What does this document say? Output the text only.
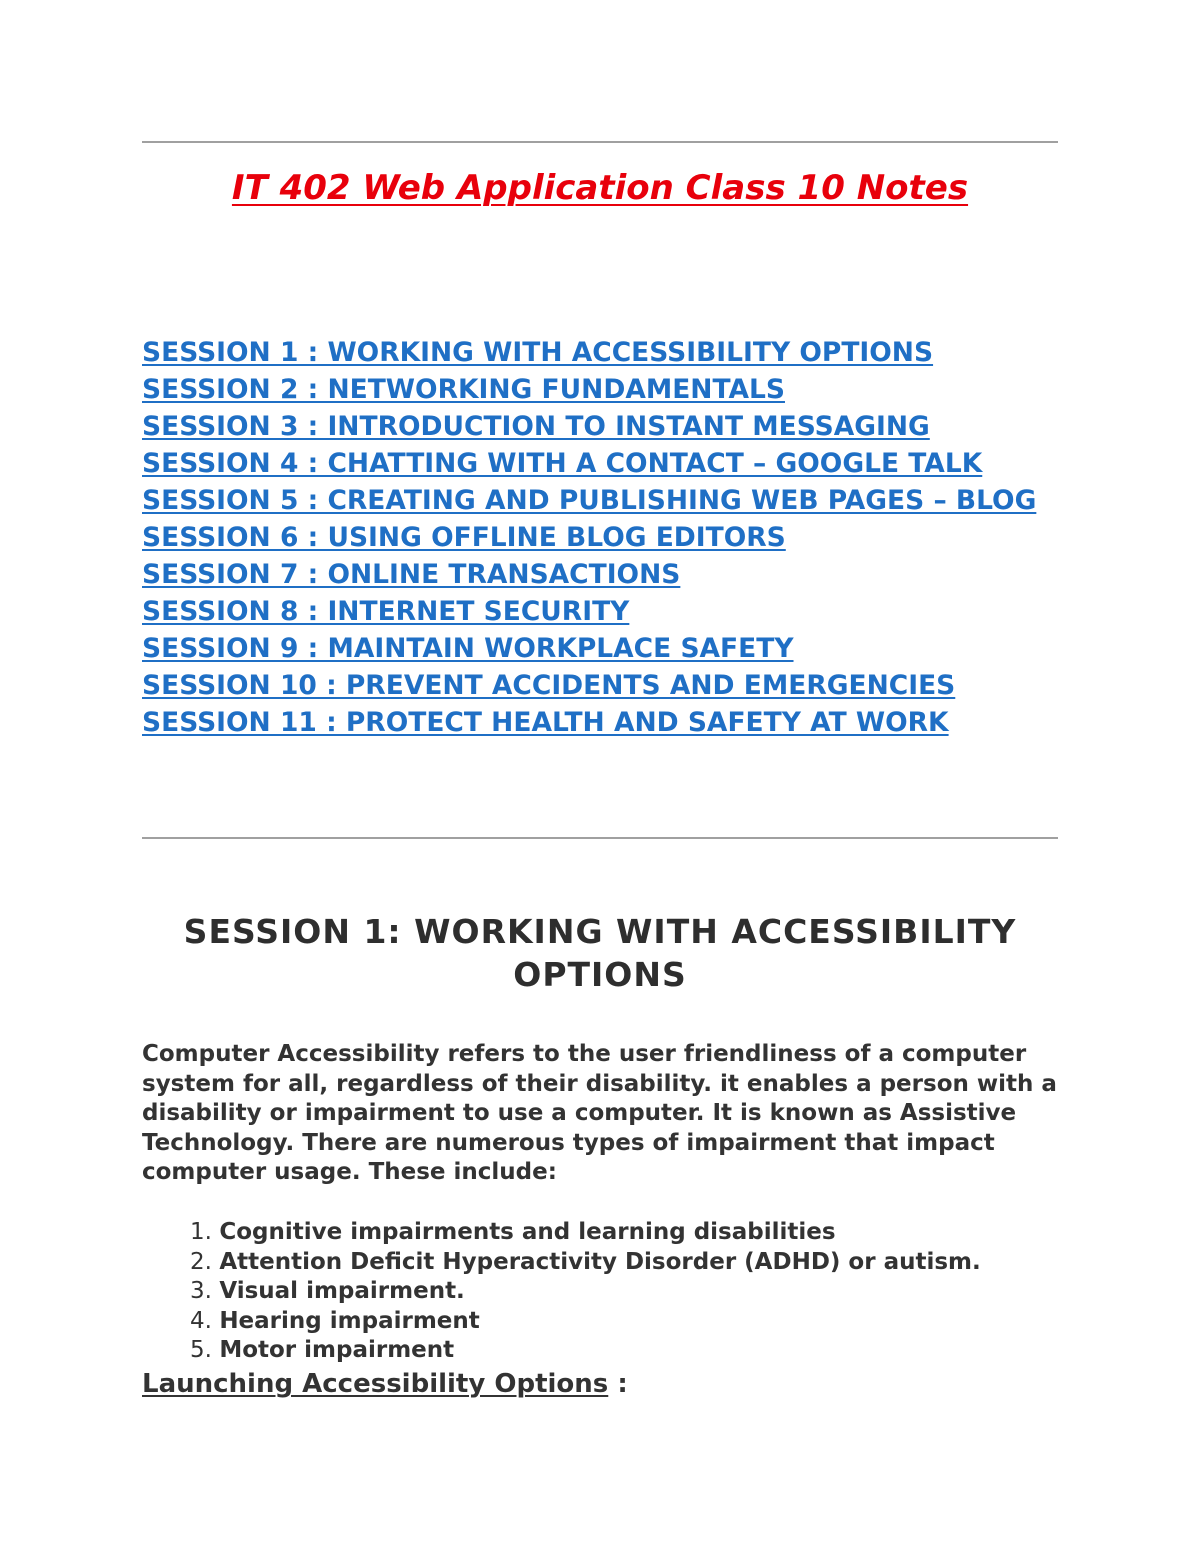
IT 402 Web Application Class 10 Notes
SESSION 1 : WORKING WITH ACCESSIBILITY OPTIONS
SESSION 2 : NETWORKING FUNDAMENTALS
SESSION 3 : INTRODUCTION TO INSTANT MESSAGING
SESSION 4 : CHATTING WITH A CONTACT – GOOGLE TALK
SESSION 5 : CREATING AND PUBLISHING WEB PAGES – BLOG
SESSION 6 : USING OFFLINE BLOG EDITORS
SESSION 7 : ONLINE TRANSACTIONS
SESSION 8 : INTERNET SECURITY
SESSION 9 : MAINTAIN WORKPLACE SAFETY
SESSION 10 : PREVENT ACCIDENTS AND EMERGENCIES
SESSION 11 : PROTECT HEALTH AND SAFETY AT WORK
SESSION 1: WORKING WITH ACCESSIBILITY
OPTIONS

Computer Accessibility refers to the user friendliness of a computer system for all, regardless of their disability. it enables a person with a disability or impairment to use a computer. It is known as Assistive Technology. There are numerous types of impairment that impact computer usage. These include:

1. Cognitive impairments and learning disabilities
2. Attention Deficit Hyperactivity Disorder (ADHD) or autism.
3. Visual impairment.
4. Hearing impairment
5. Motor impairment
Launching Accessibility Options :
